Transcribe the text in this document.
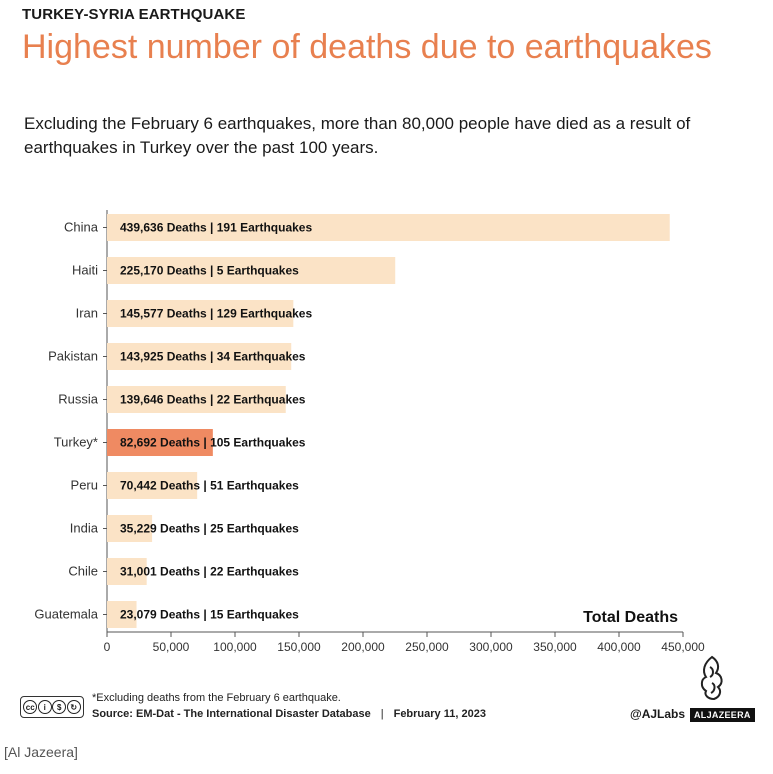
TURKEY-SYRIA EARTHQUAKE
Highest number of deaths due to earthquakes
Excluding the February 6 earthquakes, more than 80,000 people have died as a result of earthquakes in Turkey over the past 100 years.
China 439,636 Deaths | 191 Earthquakes
Haiti 225,170 Deaths | 5 Earthquakes
Iran 145,577 Deaths | 129 Earthquakes
Pakistan 143,925 Deaths | 34 Earthquakes
Russia 139,646 Deaths | 22 Earthquakes
Turkey* 82,692 Deaths | 105 Earthquakes
Peru 70,442 Deaths | 51 Earthquakes
India 35,229 Deaths | 25 Earthquakes
Chile 31,001 Deaths | 22 Earthquakes
Guatemala 23,079 Deaths | 15 Earthquakes
0	50,000 100,000 150,000 200,000 250,000 300,000 350,000 400,000 450,000
Total Deaths
cc	i	$	↻
*Excluding deaths from the February 6 earthquake.
Source: EM-Dat - The International Disaster Database | February 11, 2023	@AJLabs ALJAZEERA
[Al Jazeera]
